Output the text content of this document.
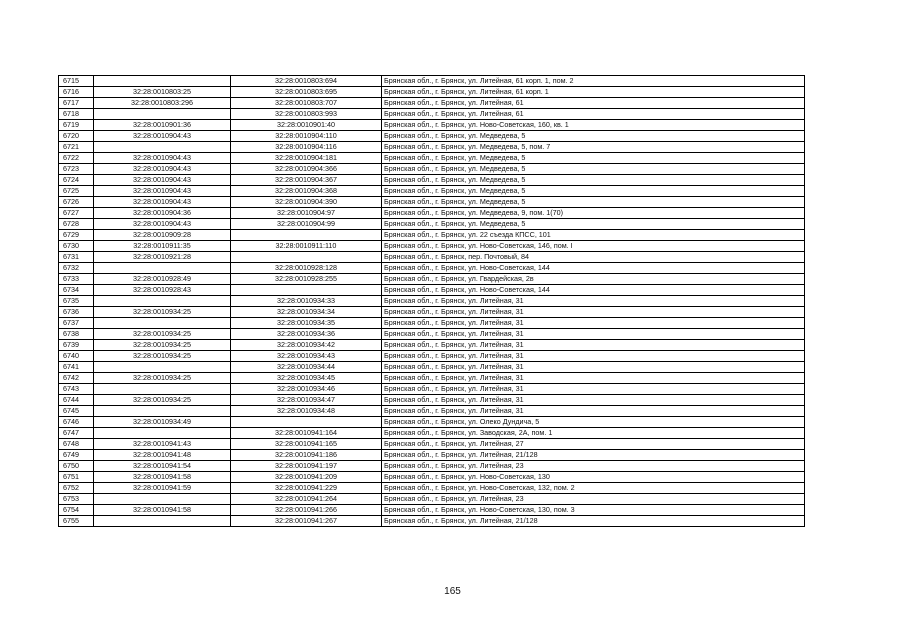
6715		32:28:0010803:694	Брянская обл., г. Брянск, ул. Литейная, 61 корп. 1, пом. 2
6716	32:28:0010803:25	32:28:0010803:695	Брянская обл., г. Брянск, ул. Литейная, 61 корп. 1
6717	32:28:0010803:296	32:28:0010803:707	Брянская обл., г. Брянск, ул. Литейная, 61
6718		32:28:0010803:993	Брянская обл., г. Брянск, ул. Литейная, 61
6719	32:28:0010901:36	32:28:0010901:40	Брянская обл., г. Брянск, ул. Ново-Советская, 160, кв. 1
6720	32:28:0010904:43	32:28:0010904:110	Брянская обл., г. Брянск, ул. Медведева, 5
6721		32:28:0010904:116	Брянская обл., г. Брянск, ул. Медведева, 5, пом. 7
6722	32:28:0010904:43	32:28:0010904:181	Брянская обл., г. Брянск, ул. Медведева, 5
6723	32:28:0010904:43	32:28:0010904:366	Брянская обл., г. Брянск, ул. Медведева, 5
6724	32:28:0010904:43	32:28:0010904:367	Брянская обл., г. Брянск, ул. Медведева, 5
6725	32:28:0010904:43	32:28:0010904:368	Брянская обл., г. Брянск, ул. Медведева, 5
6726	32:28:0010904:43	32:28:0010904:390	Брянская обл., г. Брянск, ул. Медведева, 5
6727	32:28:0010904:36	32:28:0010904:97	Брянская обл., г. Брянск, ул. Медведева, 9, пом. 1(70)
6728	32:28:0010904:43	32:28:0010904:99	Брянская обл., г. Брянск, ул. Медведева, 5
6729	32:28:0010909:28		Брянская обл., г. Брянск, ул. 22 съезда КПСС, 101
6730	32:28:0010911:35	32:28:0010911:110	Брянская обл., г. Брянск, ул. Ново-Советская, 146, пом. I
6731	32:28:0010921:28		Брянская обл., г. Брянск, пер. Почтовый, 84
6732		32:28:0010928:128	Брянская обл., г. Брянск, ул. Ново-Советская, 144
6733	32:28:0010928:49	32:28:0010928:255	Брянская обл., г. Брянск, ул. Гвардейская, 2в
6734	32:28:0010928:43		Брянская обл., г. Брянск, ул. Ново-Советская, 144
6735		32:28:0010934:33	Брянская обл., г. Брянск, ул. Литейная, 31
6736	32:28:0010934:25	32:28:0010934:34	Брянская обл., г. Брянск, ул. Литейная, 31
6737		32:28:0010934:35	Брянская обл., г. Брянск, ул. Литейная, 31
6738	32:28:0010934:25	32:28:0010934:36	Брянская обл., г. Брянск, ул. Литейная, 31
6739	32:28:0010934:25	32:28:0010934:42	Брянская обл., г. Брянск, ул. Литейная, 31
6740	32:28:0010934:25	32:28:0010934:43	Брянская обл., г. Брянск, ул. Литейная, 31
6741		32:28:0010934:44	Брянская обл., г. Брянск, ул. Литейная, 31
6742	32:28:0010934:25	32:28:0010934:45	Брянская обл., г. Брянск, ул. Литейная, 31
6743		32:28:0010934:46	Брянская обл., г. Брянск, ул. Литейная, 31
6744	32:28:0010934:25	32:28:0010934:47	Брянская обл., г. Брянск, ул. Литейная, 31
6745		32:28:0010934:48	Брянская обл., г. Брянск, ул. Литейная, 31
6746	32:28:0010934:49		Брянская обл., г. Брянск, ул. Олеко Дундича, 5
6747		32:28:0010941:164	Брянская обл., г. Брянск, ул. Заводская, 2А, пом. 1
6748	32:28:0010941:43	32:28:0010941:165	Брянская обл., г. Брянск, ул. Литейная, 27
6749	32:28:0010941:48	32:28:0010941:186	Брянская обл., г. Брянск, ул. Литейная, 21/128
6750	32:28:0010941:54	32:28:0010941:197	Брянская обл., г. Брянск, ул. Литейная, 23
6751	32:28:0010941:58	32:28:0010941:209	Брянская обл., г. Брянск, ул. Ново-Советская, 130
6752	32:28:0010941:59	32:28:0010941:229	Брянская обл., г. Брянск, ул. Ново-Советская, 132, пом. 2
6753		32:28:0010941:264	Брянская обл., г. Брянск, ул. Литейная, 23
6754	32:28:0010941:58	32:28:0010941:266	Брянская обл., г. Брянск, ул. Ново-Советская, 130, пом. 3
6755		32:28:0010941:267	Брянская обл., г. Брянск, ул. Литейная, 21/128
165
